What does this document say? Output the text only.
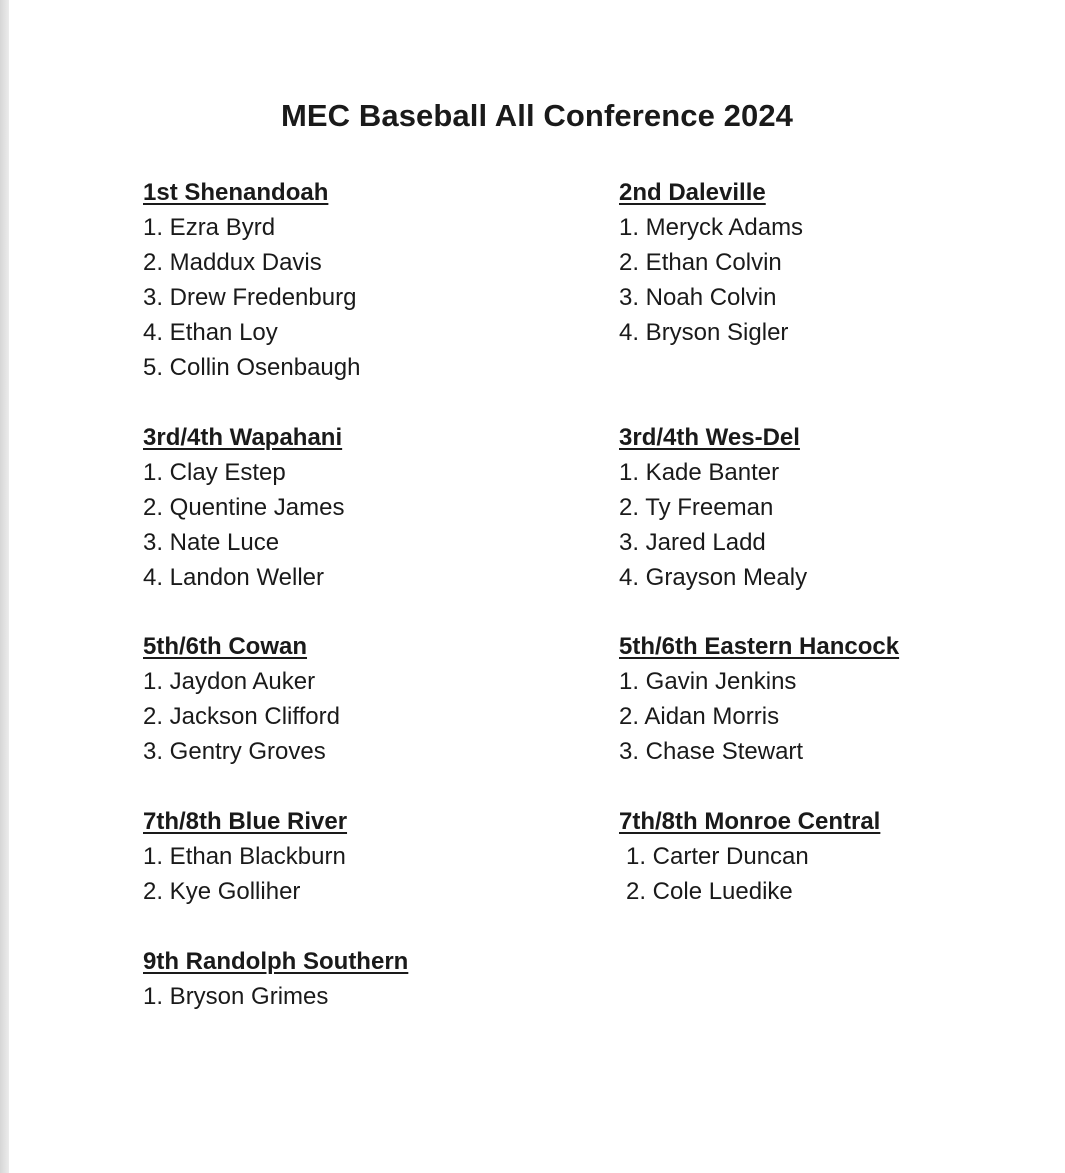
MEC Baseball All Conference 2024
1st Shenandoah
1. Ezra Byrd
2. Maddux Davis
3. Drew Fredenburg
4. Ethan Loy
5. Collin Osenbaugh
2nd Daleville
1. Meryck Adams
2. Ethan Colvin
3. Noah Colvin
4. Bryson Sigler
3rd/4th Wapahani
1. Clay Estep
2. Quentine James
3. Nate Luce
4. Landon Weller
3rd/4th Wes-Del
1. Kade Banter
2. Ty Freeman
3. Jared Ladd
4. Grayson Mealy
5th/6th Cowan
1. Jaydon Auker
2. Jackson Clifford
3. Gentry Groves
5th/6th Eastern Hancock
1. Gavin Jenkins
2. Aidan Morris
3. Chase Stewart
7th/8th Blue River
1. Ethan Blackburn
2. Kye Golliher
7th/8th Monroe Central
1. Carter Duncan
2. Cole Luedike
9th Randolph Southern
1. Bryson Grimes
